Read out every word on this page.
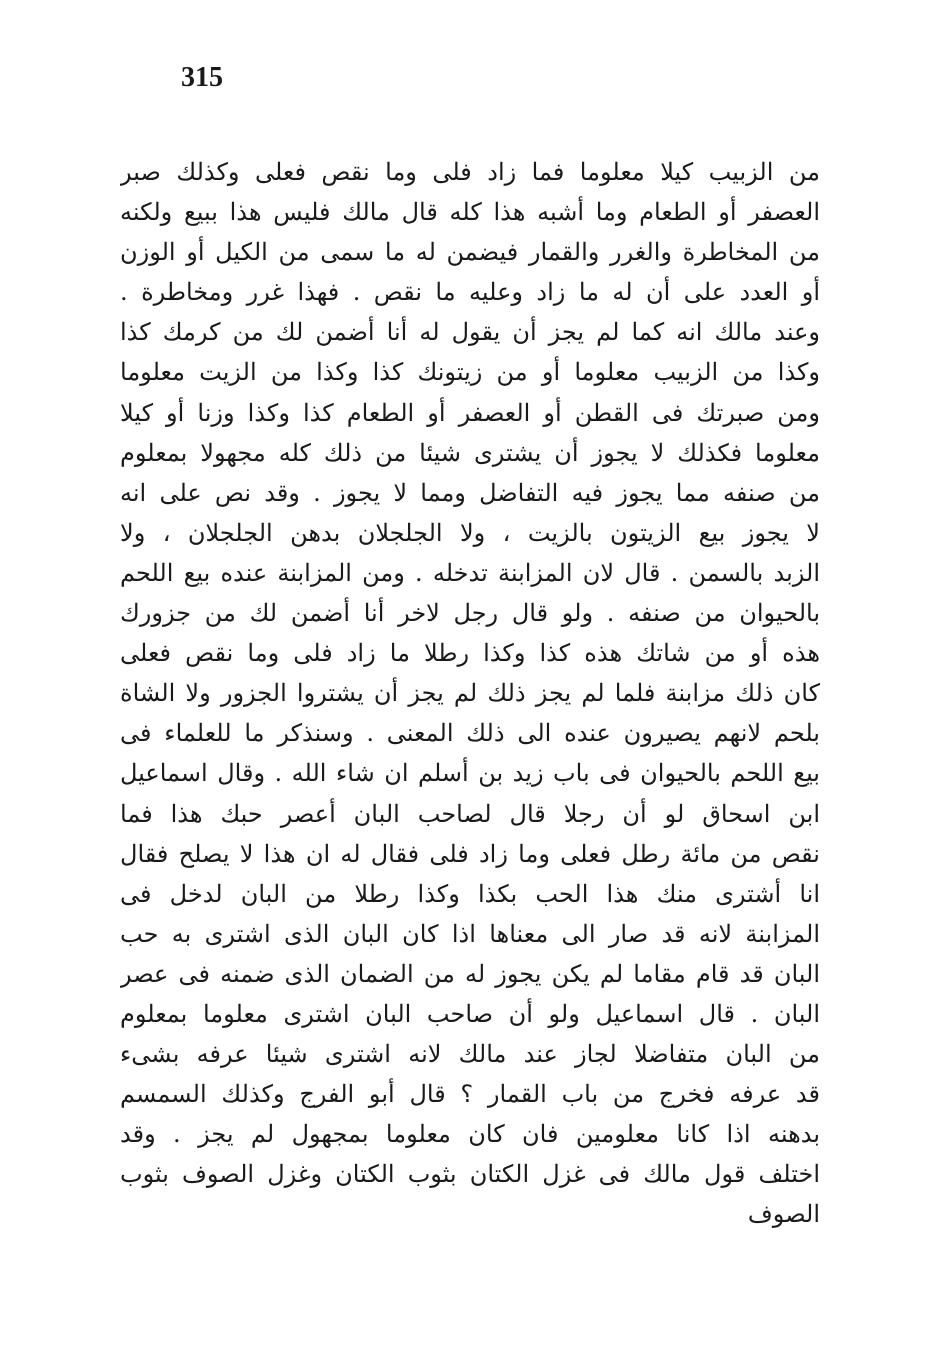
315
من الزبيب كيلا معلوما فما زاد فلى وما نقص فعلى وكذلك صبر
العصفر أو الطعام وما أشبه هذا كله قال مالك فليس هذا ببيع ولكنه
من المخاطرة والغرر والقمار فيضمن له ما سمى من الكيل أو الوزن
أو العدد على أن له ما زاد وعليه ما نقص . فهذا غرر ومخاطرة .
وعند مالك انه كما لم يجز أن يقول له أنا أضمن لك من كرمك كذا
وكذا من الزبيب معلوما أو من زيتونك كذا وكذا من الزيت معلوما
ومن صبرتك فى القطن أو العصفر أو الطعام كذا وكذا وزنا أو كيلا
معلوما فكذلك لا يجوز أن يشترى شيئا من ذلك كله مجهولا بمعلوم
من صنفه مما يجوز فيه التفاضل ومما لا يجوز . وقد نص على انه
لا يجوز بيع الزيتون بالزيت ، ولا الجلجلان بدهن الجلجلان ، ولا
الزبد بالسمن . قال لان المزابنة تدخله . ومن المزابنة عنده بيع اللحم
بالحيوان من صنفه . ولو قال رجل لاخر أنا أضمن لك من جزورك
هذه أو من شاتك هذه كذا وكذا رطلا ما زاد فلى وما نقص فعلى
كان ذلك مزابنة فلما لم يجز ذلك لم يجز أن يشتروا الجزور ولا الشاة
بلحم لانهم يصيرون عنده الى ذلك المعنى . وسنذكر ما للعلماء فى
بيع اللحم بالحيوان فى باب زيد بن أسلم ان شاء الله . وقال اسماعيل
ابن اسحاق لو أن رجلا قال لصاحب البان أعصر حبك هذا فما
نقص من مائة رطل فعلى وما زاد فلى فقال له ان هذا لا يصلح فقال
انا أشترى منك هذا الحب بكذا وكذا رطلا من البان لدخل فى
المزابنة لانه قد صار الى معناها اذا كان البان الذى اشترى به حب
البان قد قام مقاما لم يكن يجوز له من الضمان الذى ضمنه فى عصر
البان . قال اسماعيل ولو أن صاحب البان اشترى معلوما بمعلوم
من البان متفاضلا لجاز عند مالك لانه اشترى شيئا عرفه بشىء
قد عرفه فخرج من باب القمار ؟ قال أبو الفرج وكذلك السمسم
بدهنه اذا كانا معلومين فان كان معلوما بمجهول لم يجز . وقد
اختلف قول مالك فى غزل الكتان بثوب الكتان وغزل الصوف بثوب
الصوف
